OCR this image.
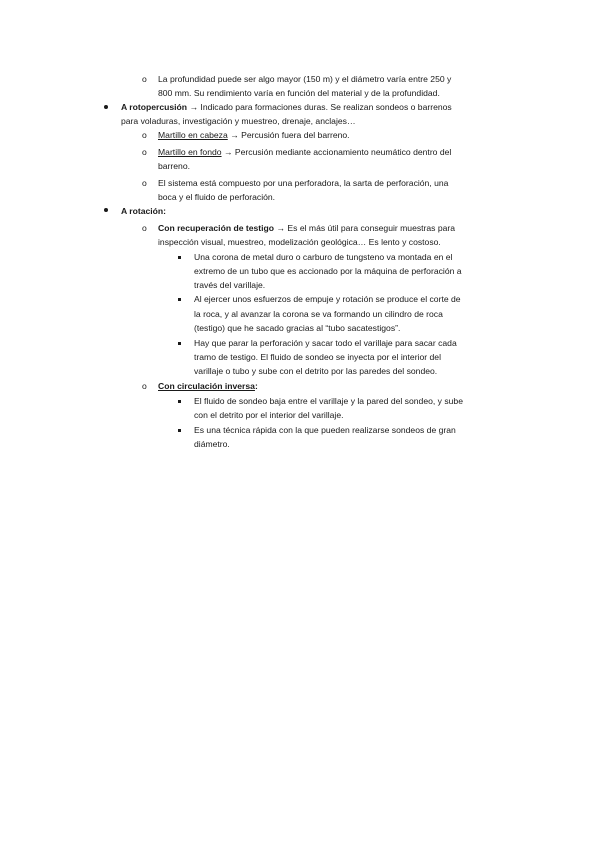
o La profundidad puede ser algo mayor (150 m) y el diámetro varía entre 250 y
800 mm. Su rendimiento varía en función del material y de la profundidad.
A rotopercusión → Indicado para formaciones duras. Se realizan sondeos o barrenos
para voladuras, investigación y muestreo, drenaje, anclajes…
o Martillo en cabeza → Percusión fuera del barreno.
o Martillo en fondo → Percusión mediante accionamiento neumático dentro del
barreno.
o El sistema está compuesto por una perforadora, la sarta de perforación, una
boca y el fluido de perforación.
A rotación:
o Con recuperación de testigo → Es el más útil para conseguir muestras para
inspección visual, muestreo, modelización geológica… Es lento y costoso.
Una corona de metal duro o carburo de tungsteno va montada en el
extremo de un tubo que es accionado por la máquina de perforación a
través del varillaje.
Al ejercer unos esfuerzos de empuje y rotación se produce el corte de
la roca, y al avanzar la corona se va formando un cilindro de roca
(testigo) que he sacado gracias al “tubo sacatestigos”.
Hay que parar la perforación y sacar todo el varillaje para sacar cada
tramo de testigo. El fluido de sondeo se inyecta por el interior del
varillaje o tubo y sube con el detrito por las paredes del sondeo.
o Con circulación inversa:
El fluido de sondeo baja entre el varillaje y la pared del sondeo, y sube
con el detrito por el interior del varillaje.
Es una técnica rápida con la que pueden realizarse sondeos de gran
diámetro.
